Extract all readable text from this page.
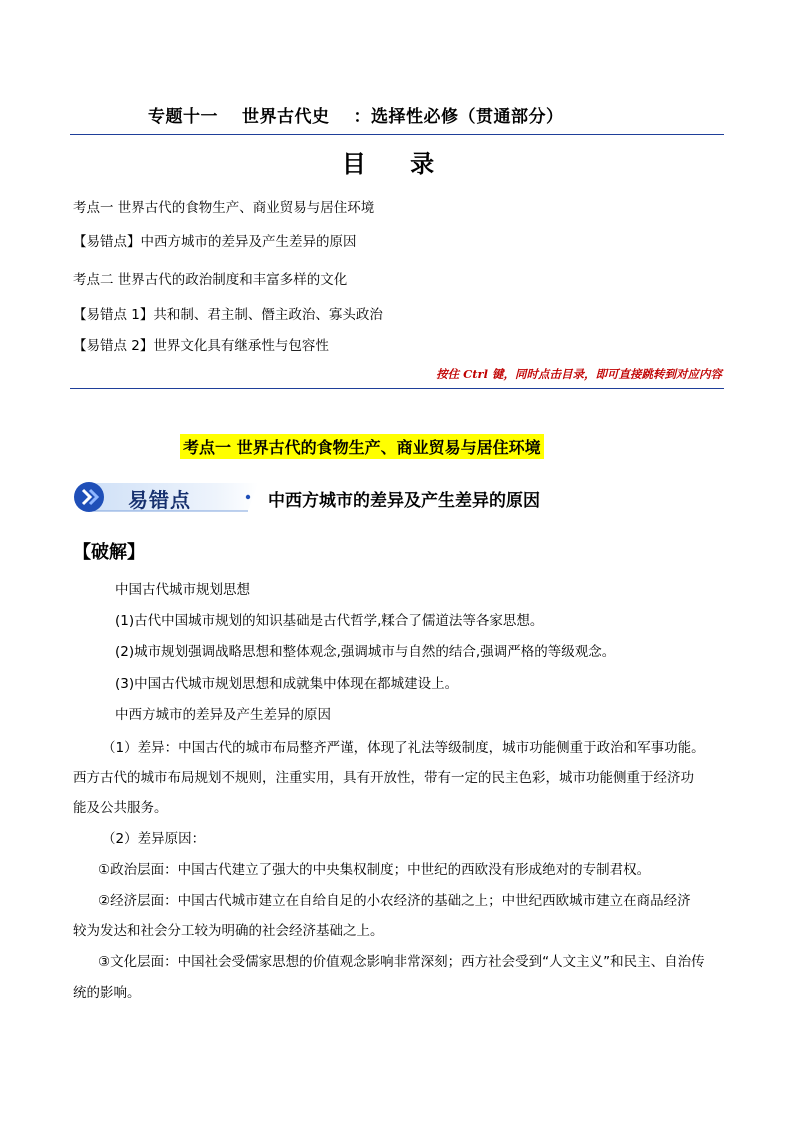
专题十一 世界古代史 ：选择性必修（贯通部分）
目 录
考点一 世界古代的食物生产、商业贸易与居住环境
【易错点】中西方城市的差异及产生差异的原因
考点二 世界古代的政治制度和丰富多样的文化
【易错点 1】共和制、君主制、僭主政治、寡头政治
【易错点 2】世界文化具有继承性与包容性
按住 Ctrl 键，同时点击目录，即可直接跳转到对应内容
考点一 世界古代的食物生产、商业贸易与居住环境
易错点	中西方城市的差异及产生差异的原因
【破解】
中国古代城市规划思想
(1)古代中国城市规划的知识基础是古代哲学,糅合了儒道法等各家思想。
(2)城市规划强调战略思想和整体观念,强调城市与自然的结合,强调严格的等级观念。
(3)中国古代城市规划思想和成就集中体现在都城建设上。
中西方城市的差异及产生差异的原因
（1）差异：中国古代的城市布局整齐严谨，体现了礼法等级制度，城市功能侧重于政治和军事功能。
西方古代的城市布局规划不规则，注重实用，具有开放性，带有一定的民主色彩，城市功能侧重于经济功
能及公共服务。
（2）差异原因：
①政治层面：中国古代建立了强大的中央集权制度；中世纪的西欧没有形成绝对的专制君权。
②经济层面：中国古代城市建立在自给自足的小农经济的基础之上；中世纪西欧城市建立在商品经济
较为发达和社会分工较为明确的社会经济基础之上。
③文化层面：中国社会受儒家思想的价值观念影响非常深刻；西方社会受到“人文主义”和民主、自治传
统的影响。
